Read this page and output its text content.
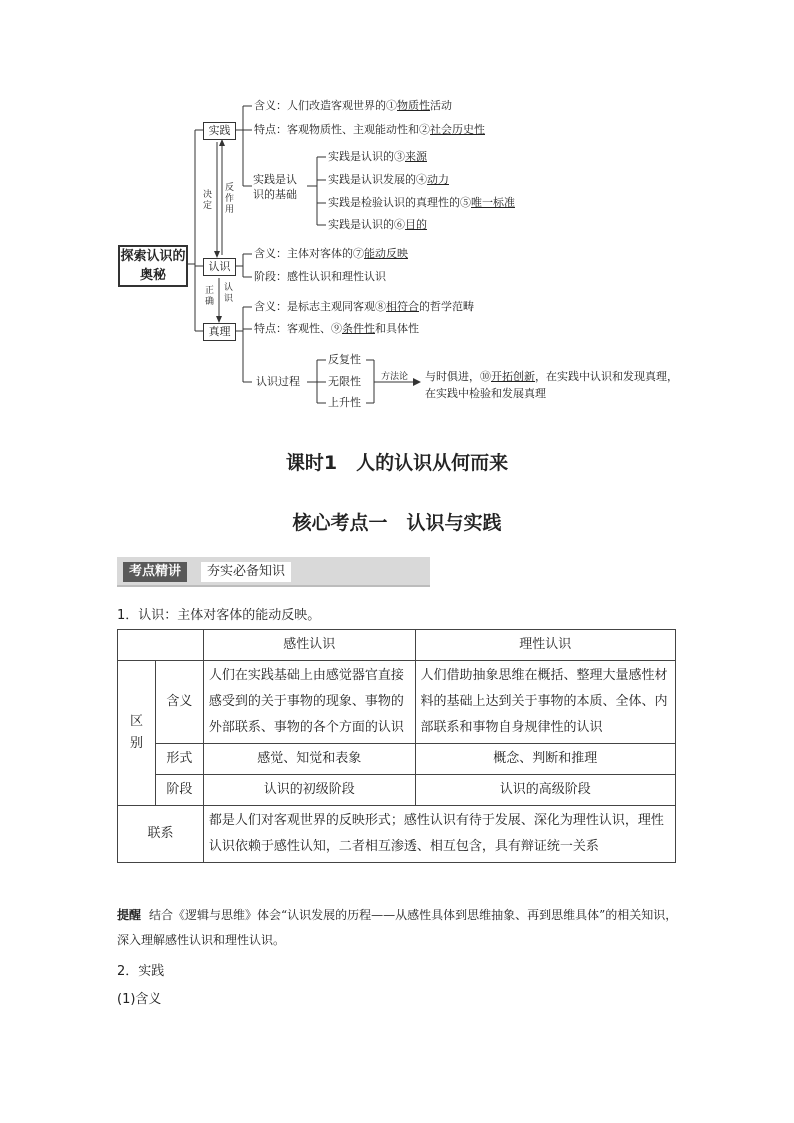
探索认识的奥秘
实践
认识
真理
决定
反作用
正确
认识
含义：人们改造客观世界的①物质性活动
特点：客观物质性、主观能动性和②社会历史性
实践是认识的基础
实践是认识的③来源
实践是认识发展的④动力
实践是检验认识的真理性的⑤唯一标准
实践是认识的⑥目的
含义：主体对客体的⑦能动反映
阶段：感性认识和理性认识
含义：是标志主观同客观⑧相符合的哲学范畴
特点：客观性、⑨条件性和具体性
认识过程
反复性
无限性
上升性
方法论 与时俱进，⑩开拓创新，在实践中认识和发现真理，在实践中检验和发展真理
课时1　人的认识从何而来
核心考点一　认识与实践
考点精讲	夯实必备知识
1．认识：主体对客体的能动反映。
		感性认识	理性认识

区别	含义	人们在实践基础上由感觉器官直接感受到的关于事物的现象、事物的外部联系、事物的各个方面的认识	人们借助抽象思维在概括、整理大量感性材料的基础上达到关于事物的本质、全体、内部联系和事物自身规律性的认识
	形式	感觉、知觉和表象	概念、判断和推理
	阶段	认识的初级阶段	认识的高级阶段
联系		都是人们对客观世界的反映形式；感性认识有待于发展、深化为理性认识，理性认识依赖于感性认知，二者相互渗透、相互包含，具有辩证统一关系	
提醒 结合《逻辑与思维》体会“认识发展的历程——从感性具体到思维抽象、再到思维具体”的相关知识，深入理解感性认识和理性认识。
2．实践
(1)含义
